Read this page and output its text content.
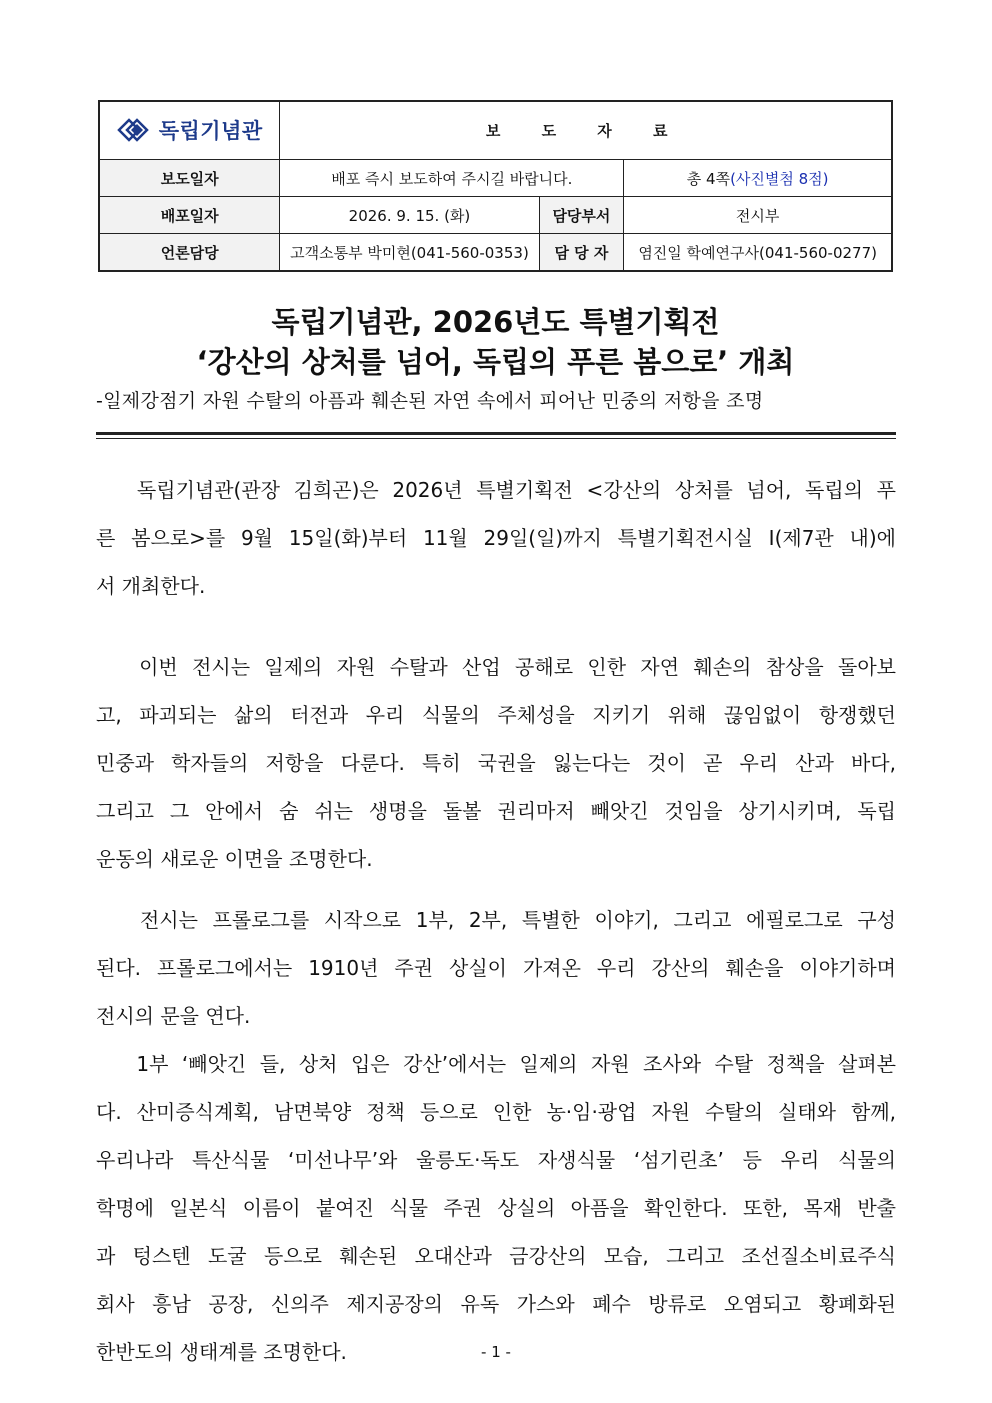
독립기념관	보 도 자 료		
보도일자	배포 즉시 보도하여 주시길 바랍니다.		총 4쪽(사진별첨 8점)
배포일자	2026. 9. 15. (화)	담당부서	전시부
언론담당	고객소통부 박미현(041-560-0353)	담 당 자	염진일 학예연구사(041-560-0277)
독립기념관, 2026년도 특별기획전
‘강산의 상처를 넘어, 독립의 푸른 봄으로’ 개최
-일제강점기 자원 수탈의 아픔과 훼손된 자연 속에서 피어난 민중의 저항을 조명
독립기념관(관장 김희곤)은 2026년 특별기획전 <강산의 상처를 넘어, 독립의 푸
른 봄으로>를 9월 15일(화)부터 11월 29일(일)까지 특별기획전시실 I(제7관 내)에
서 개최한다.
이번 전시는 일제의 자원 수탈과 산업 공해로 인한 자연 훼손의 참상을 돌아보
고, 파괴되는 삶의 터전과 우리 식물의 주체성을 지키기 위해 끊임없이 항쟁했던
민중과 학자들의 저항을 다룬다. 특히 국권을 잃는다는 것이 곧 우리 산과 바다,
그리고 그 안에서 숨 쉬는 생명을 돌볼 권리마저 빼앗긴 것임을 상기시키며, 독립
운동의 새로운 이면을 조명한다.
전시는 프롤로그를 시작으로 1부, 2부, 특별한 이야기, 그리고 에필로그로 구성
된다. 프롤로그에서는 1910년 주권 상실이 가져온 우리 강산의 훼손을 이야기하며
전시의 문을 연다.
1부 ‘빼앗긴 들, 상처 입은 강산’에서는 일제의 자원 조사와 수탈 정책을 살펴본
다. 산미증식계획, 남면북양 정책 등으로 인한 농·임·광업 자원 수탈의 실태와 함께,
우리나라 특산식물 ‘미선나무’와 울릉도·독도 자생식물 ‘섬기린초’ 등 우리 식물의
학명에 일본식 이름이 붙여진 식물 주권 상실의 아픔을 확인한다. 또한, 목재 반출
과 텅스텐 도굴 등으로 훼손된 오대산과 금강산의 모습, 그리고 조선질소비료주식
회사 흥남 공장, 신의주 제지공장의 유독 가스와 폐수 방류로 오염되고 황폐화된
한반도의 생태계를 조명한다.	- 1 -
